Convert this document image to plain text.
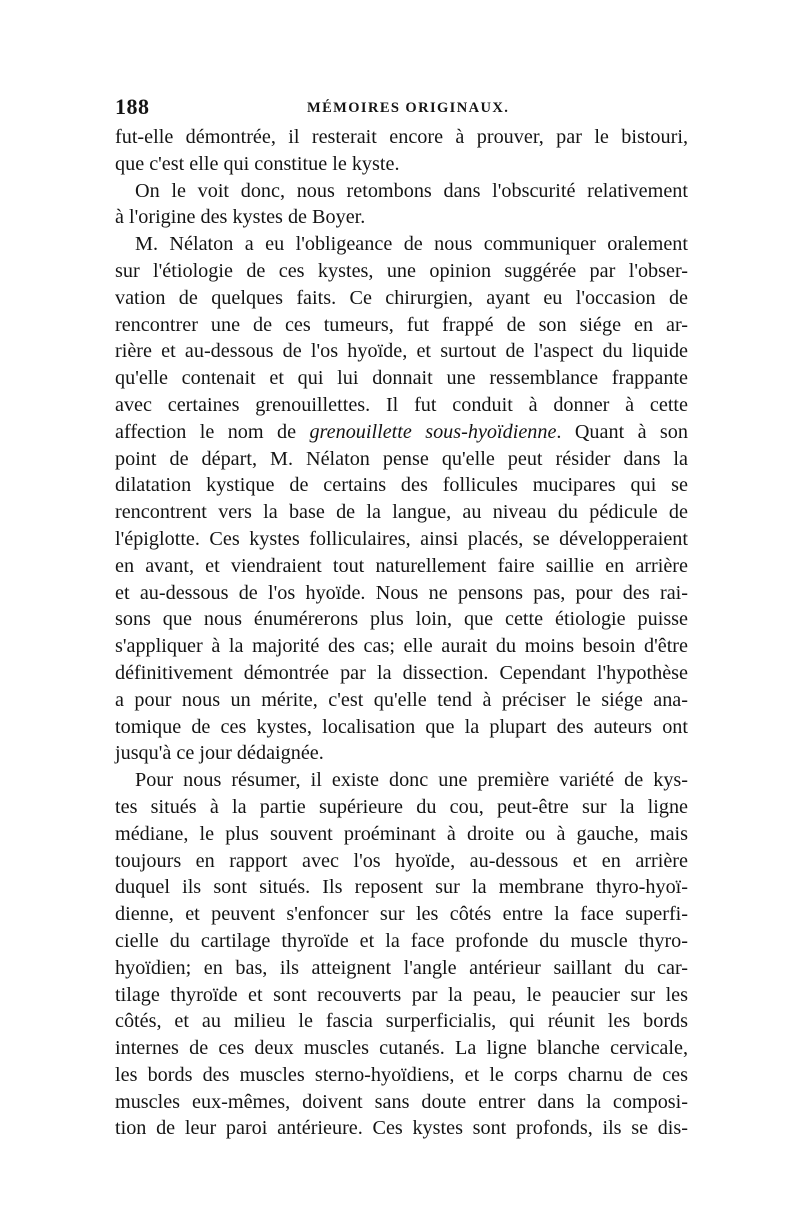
188	MÉMOIRES ORIGINAUX.
fut-elle démontrée, il resterait encore à prouver, par le bistouri,
que c'est elle qui constitue le kyste.
On le voit donc, nous retombons dans l'obscurité relativement
à l'origine des kystes de Boyer.
M. Nélaton a eu l'obligeance de nous communiquer oralement
sur l'étiologie de ces kystes, une opinion suggérée par l'obser-
vation de quelques faits. Ce chirurgien, ayant eu l'occasion de
rencontrer une de ces tumeurs, fut frappé de son siége en ar-
rière et au-dessous de l'os hyoïde, et surtout de l'aspect du liquide
qu'elle contenait et qui lui donnait une ressemblance frappante
avec certaines grenouillettes. Il fut conduit à donner à cette
affection le nom de grenouillette sous-hyoïdienne. Quant à son
point de départ, M. Nélaton pense qu'elle peut résider dans la
dilatation kystique de certains des follicules mucipares qui se
rencontrent vers la base de la langue, au niveau du pédicule de
l'épiglotte. Ces kystes folliculaires, ainsi placés, se développeraient
en avant, et viendraient tout naturellement faire saillie en arrière
et au-dessous de l'os hyoïde. Nous ne pensons pas, pour des rai-
sons que nous énumérerons plus loin, que cette étiologie puisse
s'appliquer à la majorité des cas; elle aurait du moins besoin d'être
définitivement démontrée par la dissection. Cependant l'hypothèse
a pour nous un mérite, c'est qu'elle tend à préciser le siége ana-
tomique de ces kystes, localisation que la plupart des auteurs ont
jusqu'à ce jour dédaignée.
Pour nous résumer, il existe donc une première variété de kys-
tes situés à la partie supérieure du cou, peut-être sur la ligne
médiane, le plus souvent proéminant à droite ou à gauche, mais
toujours en rapport avec l'os hyoïde, au-dessous et en arrière
duquel ils sont situés. Ils reposent sur la membrane thyro-hyoï-
dienne, et peuvent s'enfoncer sur les côtés entre la face superfi-
cielle du cartilage thyroïde et la face profonde du muscle thyro-
hyoïdien; en bas, ils atteignent l'angle antérieur saillant du car-
tilage thyroïde et sont recouverts par la peau, le peaucier sur les
côtés, et au milieu le fascia surperficialis, qui réunit les bords
internes de ces deux muscles cutanés. La ligne blanche cervicale,
les bords des muscles sterno-hyoïdiens, et le corps charnu de ces
muscles eux-mêmes, doivent sans doute entrer dans la composi-
tion de leur paroi antérieure. Ces kystes sont profonds, ils se dis-
